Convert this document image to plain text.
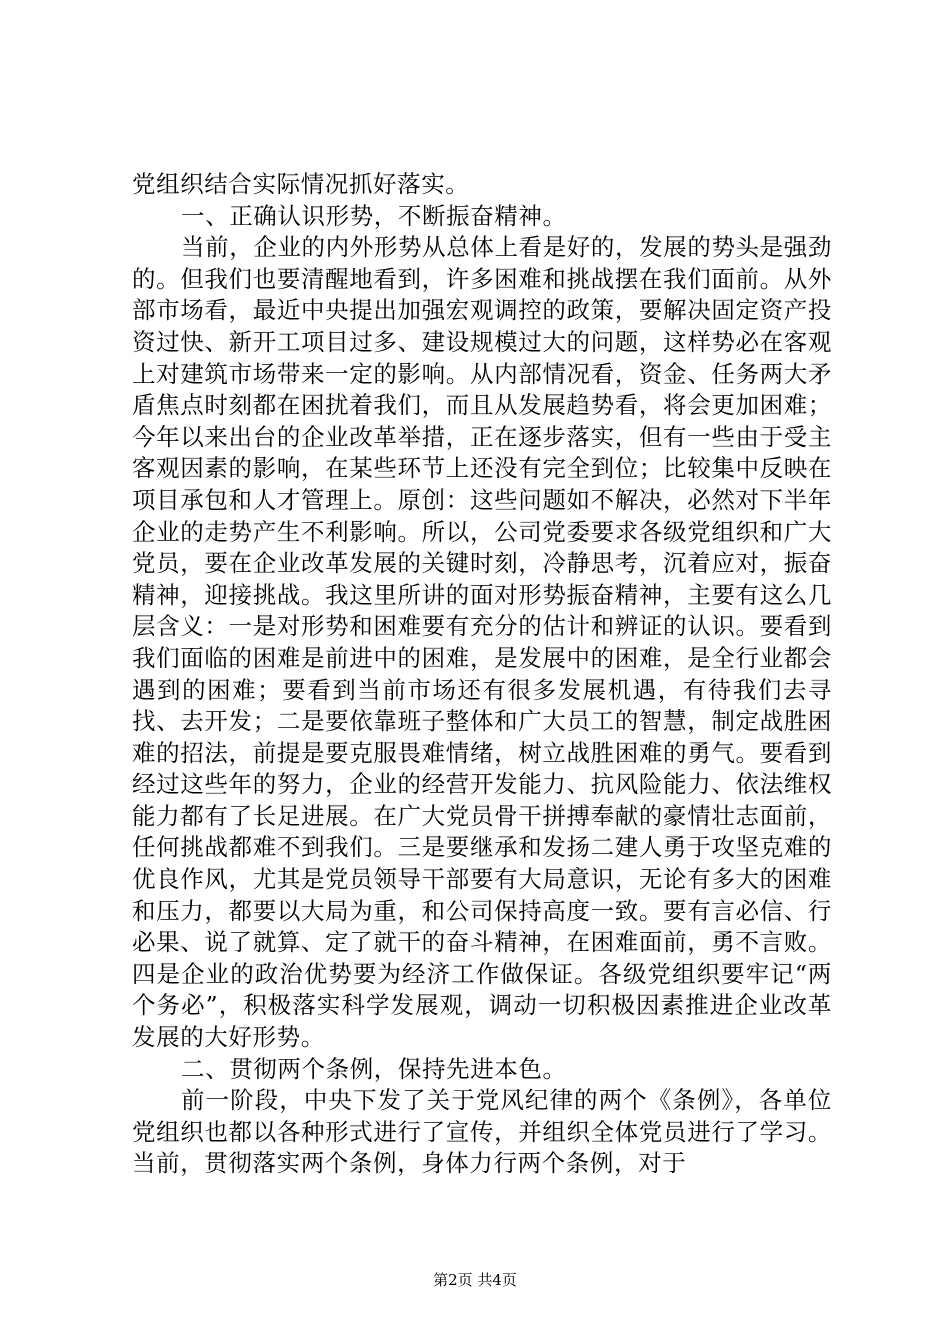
党组织结合实际情况抓好落实。

一、正确认识形势，不断振奋精神。

当前，企业的内外形势从总体上看是好的，发展的势头是强劲的。但我们也要清醒地看到，许多困难和挑战摆在我们面前。从外部市场看，最近中央提出加强宏观调控的政策，要解决固定资产投资过快、新开工项目过多、建设规模过大的问题，这样势必在客观上对建筑市场带来一定的影响。从内部情况看，资金、任务两大矛盾焦点时刻都在困扰着我们，而且从发展趋势看，将会更加困难；今年以来出台的企业改革举措，正在逐步落实，但有一些由于受主客观因素的影响，在某些环节上还没有完全到位；比较集中反映在项目承包和人才管理上。原创：这些问题如不解决，必然对下半年企业的走势产生不利影响。所以，公司党委要求各级党组织和广大党员，要在企业改革发展的关键时刻，冷静思考，沉着应对，振奋精神，迎接挑战。我这里所讲的面对形势振奋精神，主要有这么几层含义：一是对形势和困难要有充分的估计和辨证的认识。要看到我们面临的困难是前进中的困难，是发展中的困难，是全行业都会遇到的困难；要看到当前市场还有很多发展机遇，有待我们去寻找、去开发；二是要依靠班子整体和广大员工的智慧，制定战胜困难的招法，前提是要克服畏难情绪，树立战胜困难的勇气。要看到经过这些年的努力，企业的经营开发能力、抗风险能力、依法维权能力都有了长足进展。在广大党员骨干拼搏奉献的豪情壮志面前，任何挑战都难不到我们。三是要继承和发扬二建人勇于攻坚克难的优良作风，尤其是党员领导干部要有大局意识，无论有多大的困难和压力，都要以大局为重，和公司保持高度一致。要有言必信、行必果、说了就算、定了就干的奋斗精神，在困难面前，勇不言败。四是企业的政治优势要为经济工作做保证。各级党组织要牢记“两个务必”，积极落实科学发展观，调动一切积极因素推进企业改革发展的大好形势。

二、贯彻两个条例，保持先进本色。

前一阶段，中央下发了关于党风纪律的两个《条例》，各单位党组织也都以各种形式进行了宣传，并组织全体党员进行了学习。当前，贯彻落实两个条例，身体力行两个条例，对于

第2页 共4页
